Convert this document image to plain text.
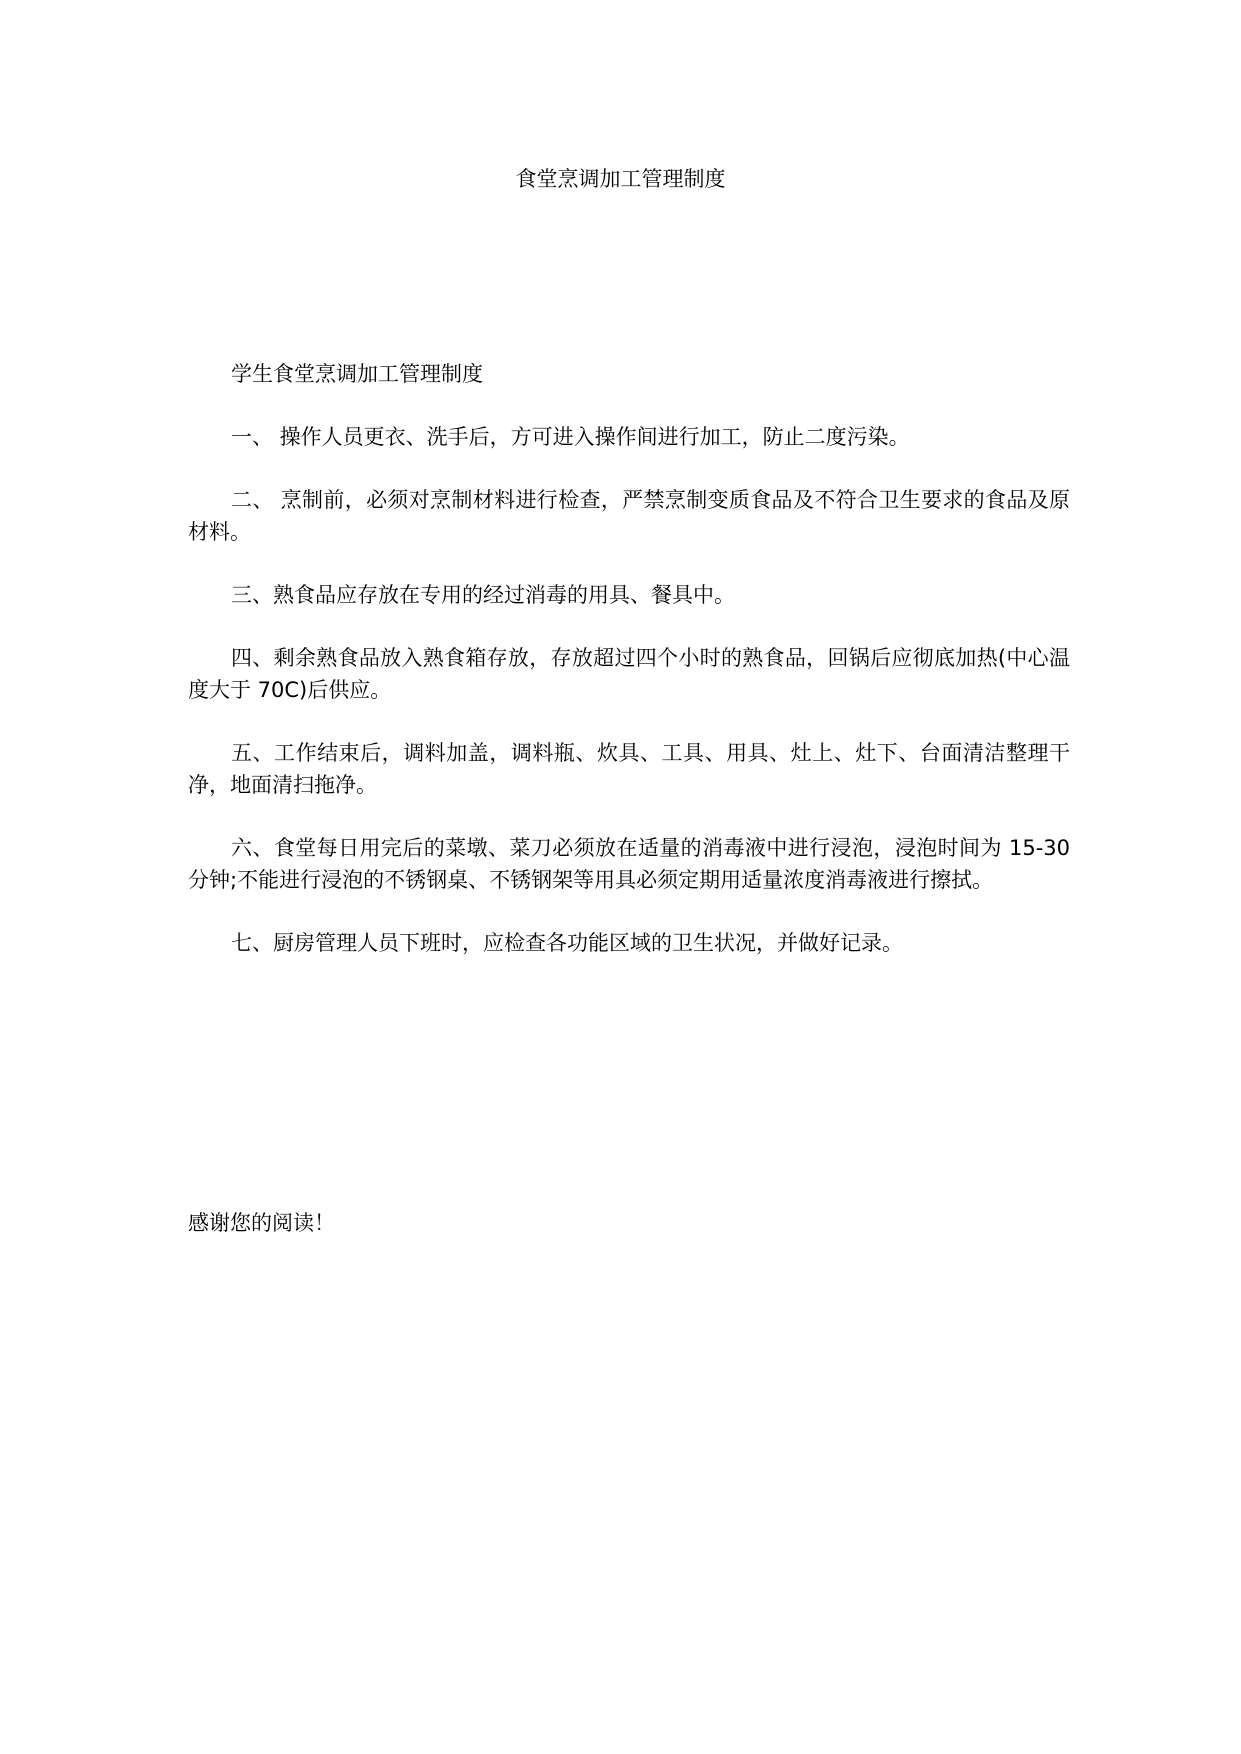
食堂烹调加工管理制度

学生食堂烹调加工管理制度

一、 操作人员更衣、洗手后，方可进入操作间进行加工，防止二度污染。

二、 烹制前，必须对烹制材料进行检查，严禁烹制变质食品及不符合卫生要求的食品及原材料。

三、熟食品应存放在专用的经过消毒的用具、餐具中。

四、剩余熟食品放入熟食箱存放，存放超过四个小时的熟食品，回锅后应彻底加热(中心温度大于 70C)后供应。

五、工作结束后，调料加盖，调料瓶、炊具、工具、用具、灶上、灶下、台面清洁整理干净，地面清扫拖净。

六、食堂每日用完后的菜墩、菜刀必须放在适量的消毒液中进行浸泡，浸泡时间为 15-30 分钟;不能进行浸泡的不锈钢桌、不锈钢架等用具必须定期用适量浓度消毒液进行擦拭。

七、厨房管理人员下班时，应检查各功能区域的卫生状况，并做好记录。

感谢您的阅读！
